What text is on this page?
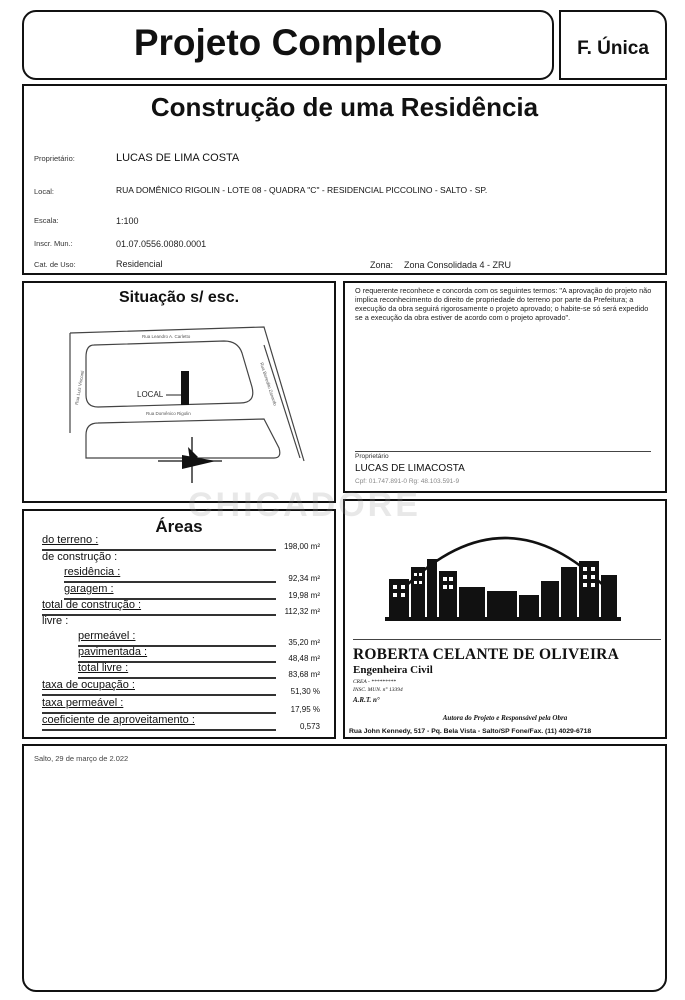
Projeto Completo	F. Única
Construção de uma Residência
Proprietário:	LUCAS DE LIMA COSTA
Local:	RUA DOMÊNICO RIGOLIN - LOTE 08 - QUADRA "C" - RESIDENCIAL PICCOLINO - SALTO - SP.
Escala:	1:100
Inscr. Mun.:	01.07.0556.0080.0001
Cat. de Uso:	Residencial	Zona: Zona Consolidada 4 - ZRU
Situação s/ esc.
LOCAL
Rua Leandro A. Carletto
Rua Domênico Rigolin
Rua Luiz Visconti	Rua Benedito Zanardo
O requerente reconhece e concorda com os seguintes termos: "A aprovação do projeto não implica reconhecimento do direito de propriedade do terreno por parte da Prefeitura; a execução da obra seguirá rigorosamente o projeto aprovado; o habite-se só será expedido se a execução da obra estiver de acordo com o projeto aprovado".
Proprietário
LUCAS DE LIMACOSTA
Cpf: 01.747.891-0 Rg: 48.103.591-9
Áreas
do terreno :
198,00 m²
de construção :
residência :
92,34 m²
garagem :
19,98 m²
total de construção :
112,32 m²
livre :
permeável :
35,20 m²
pavimentada :
48,48 m²
total livre :
83,68 m²
taxa de ocupação :
51,30 %
taxa permeável :
17,95 %
coeficiente de aproveitamento :
0,573
ROBERTA CELANTE DE OLIVEIRA
Engenheira Civil
CREA - *********
INSC. MUN. n° 13394
A.R.T. n°
Autora do Projeto e Responsável pela Obra
Rua John Kennedy, 517 - Pq. Bela Vista - Salto/SP Fone/Fax. (11) 4029-6718
Salto, 29 de março de 2.022
CHICADORE
